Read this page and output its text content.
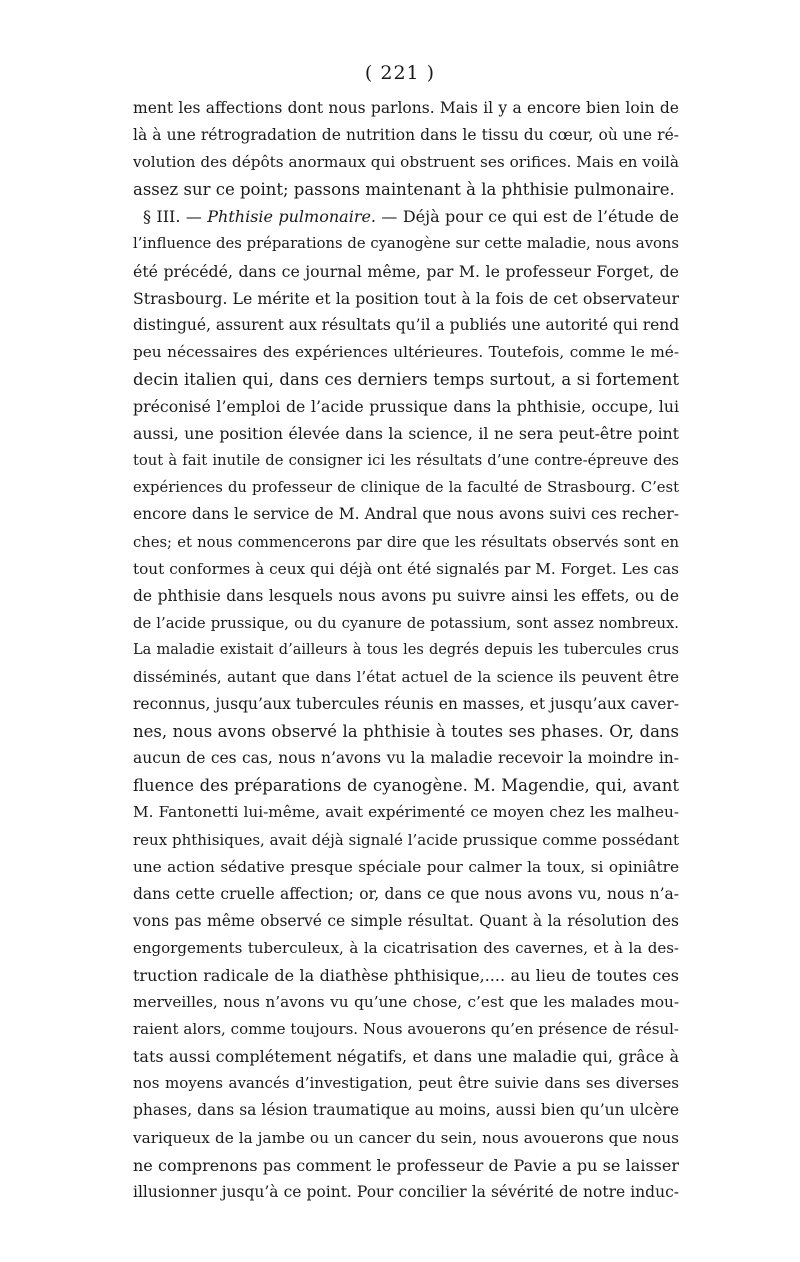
( 221 )
ment les affections dont nous parlons. Mais il y a encore bien loin de
là à une rétrogradation de nutrition dans le tissu du cœur, où une ré-
volution des dépôts anormaux qui obstruent ses orifices. Mais en voilà
assez sur ce point; passons maintenant à la phthisie pulmonaire.
§ III. — Phthisie pulmonaire. — Déjà pour ce qui est de l’étude de
l’influence des préparations de cyanogène sur cette maladie, nous avons
été précédé, dans ce journal même, par M. le professeur Forget, de
Strasbourg. Le mérite et la position tout à la fois de cet observateur
distingué, assurent aux résultats qu’il a publiés une autorité qui rend
peu nécessaires des expériences ultérieures. Toutefois, comme le mé-
decin italien qui, dans ces derniers temps surtout, a si fortement
préconisé l’emploi de l’acide prussique dans la phthisie, occupe, lui
aussi, une position élevée dans la science, il ne sera peut-être point
tout à fait inutile de consigner ici les résultats d’une contre-épreuve des
expériences du professeur de clinique de la faculté de Strasbourg. C’est
encore dans le service de M. Andral que nous avons suivi ces recher-
ches; et nous commencerons par dire que les résultats observés sont en
tout conformes à ceux qui déjà ont été signalés par M. Forget. Les cas
de phthisie dans lesquels nous avons pu suivre ainsi les effets, ou de
de l’acide prussique, ou du cyanure de potassium, sont assez nombreux.
La maladie existait d’ailleurs à tous les degrés depuis les tubercules crus
disséminés, autant que dans l’état actuel de la science ils peuvent être
reconnus, jusqu’aux tubercules réunis en masses, et jusqu’aux caver-
nes, nous avons observé la phthisie à toutes ses phases. Or, dans
aucun de ces cas, nous n’avons vu la maladie recevoir la moindre in-
fluence des préparations de cyanogène. M. Magendie, qui, avant
M. Fantonetti lui-même, avait expérimenté ce moyen chez les malheu-
reux phthisiques, avait déjà signalé l’acide prussique comme possédant
une action sédative presque spéciale pour calmer la toux, si opiniâtre
dans cette cruelle affection; or, dans ce que nous avons vu, nous n’a-
vons pas même observé ce simple résultat. Quant à la résolution des
engorgements tuberculeux, à la cicatrisation des cavernes, et à la des-
truction radicale de la diathèse phthisique,.... au lieu de toutes ces
merveilles, nous n’avons vu qu’une chose, c’est que les malades mou-
raient alors, comme toujours. Nous avouerons qu’en présence de résul-
tats aussi complétement négatifs, et dans une maladie qui, grâce à
nos moyens avancés d’investigation, peut être suivie dans ses diverses
phases, dans sa lésion traumatique au moins, aussi bien qu’un ulcère
variqueux de la jambe ou un cancer du sein, nous avouerons que nous
ne comprenons pas comment le professeur de Pavie a pu se laisser
illusionner jusqu’à ce point. Pour concilier la sévérité de notre induc-
